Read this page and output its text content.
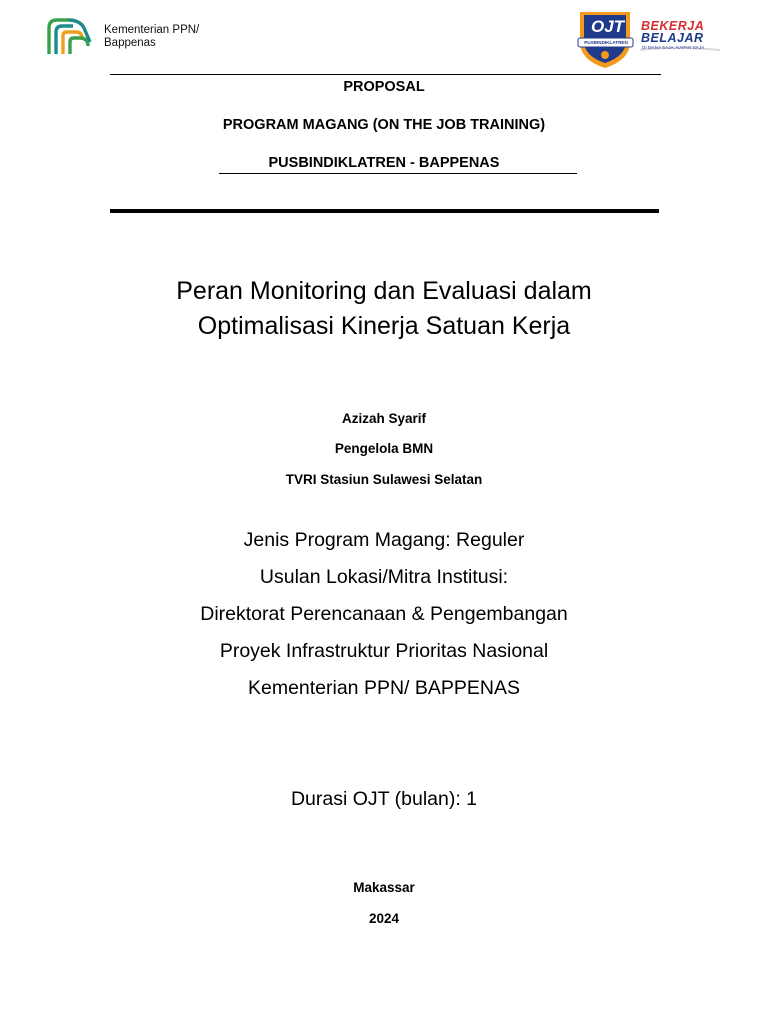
Kementerian PPN/ Bappenas
OJT
PUSBINDIKLATREN
BEKERJA
BELAJAR
DI MANA SAJA, KAPAN SAJA
PROPOSAL
PROGRAM MAGANG (ON THE JOB TRAINING)
PUSBINDIKLATREN - BAPPENAS
Peran Monitoring dan Evaluasi dalam
Optimalisasi Kinerja Satuan Kerja
Azizah Syarif
Pengelola BMN
TVRI Stasiun Sulawesi Selatan
Jenis Program Magang: Reguler
Usulan Lokasi/Mitra Institusi:
Direktorat Perencanaan & Pengembangan
Proyek Infrastruktur Prioritas Nasional
Kementerian PPN/ BAPPENAS
Durasi OJT (bulan): 1
Makassar
2024
